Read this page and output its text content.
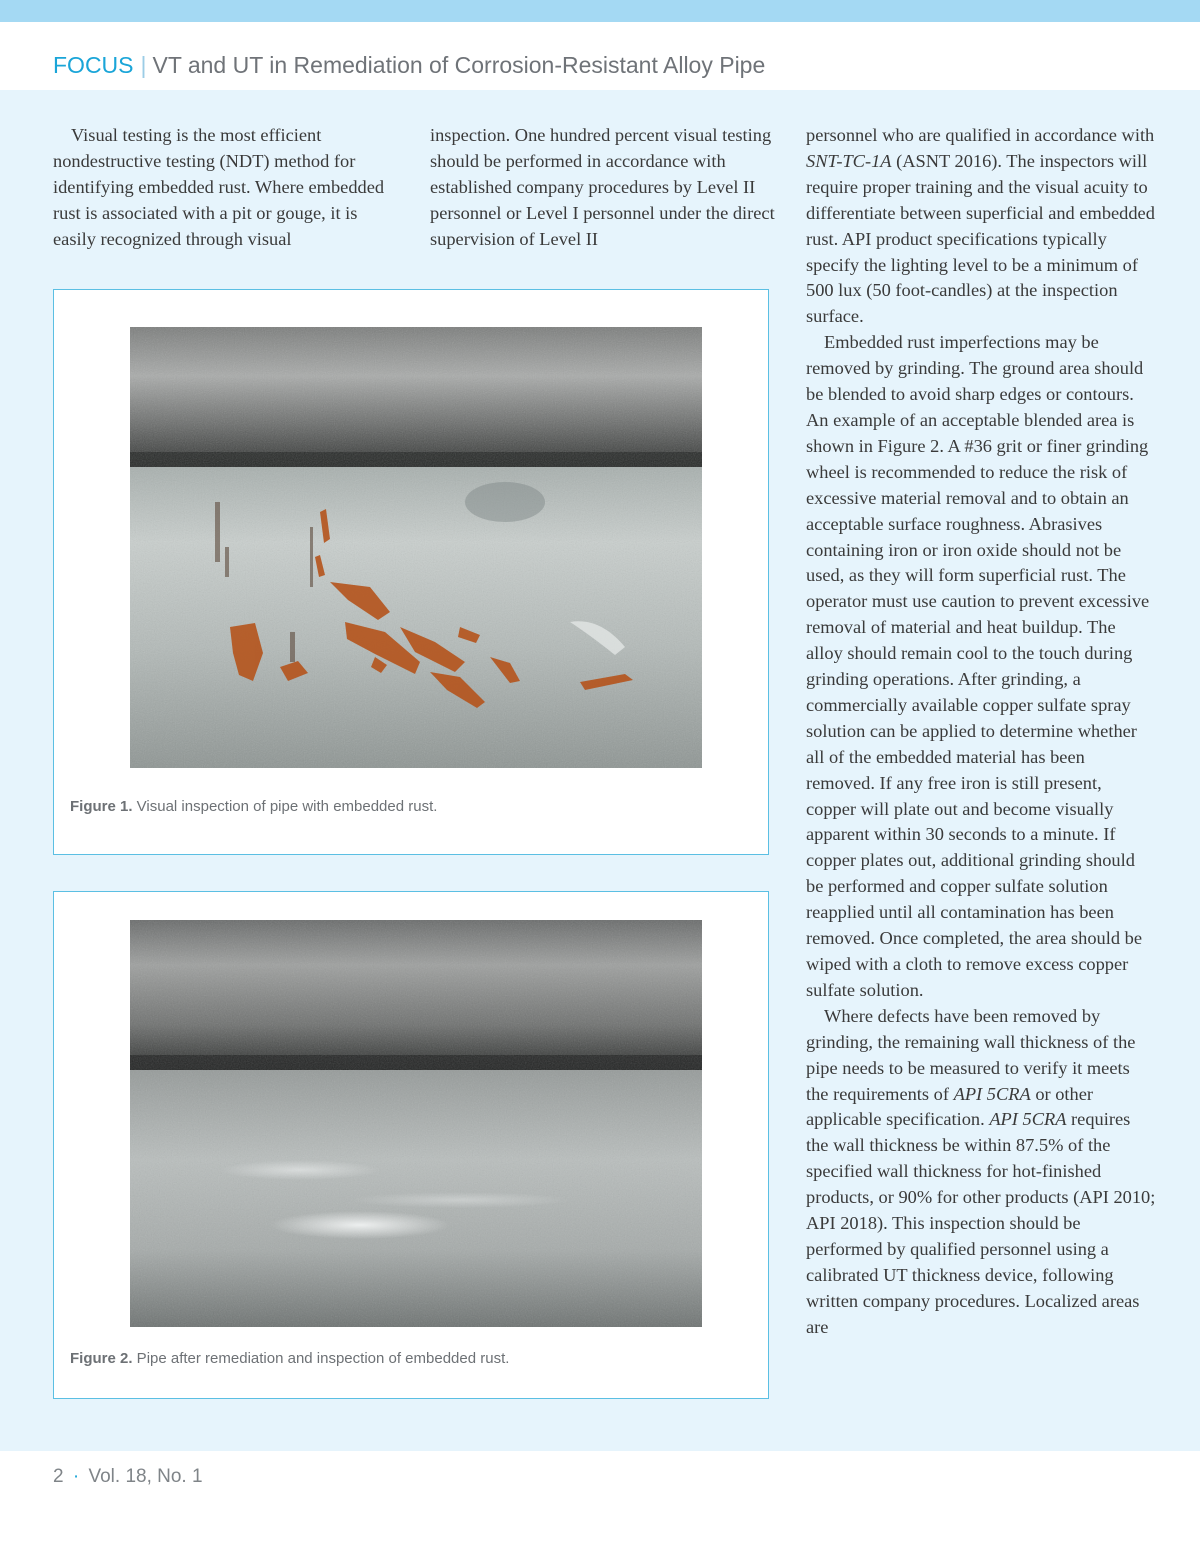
FOCUS | VT and UT in Remediation of Corrosion-Resistant Alloy Pipe

Visual testing is the most efficient nondestructive testing (NDT) method for identifying embedded rust. Where embedded rust is associated with a pit or gouge, it is easily recognized through visual

inspection. One hundred percent visual testing should be performed in accordance with established company procedures by Level II personnel or Level I personnel under the direct supervision of Level II

personnel who are qualified in accordance with SNT-TC-1A (ASNT 2016). The inspectors will require proper training and the visual acuity to differentiate between superficial and embedded rust. API product specifications typically specify the lighting level to be a minimum of 500 lux (50 foot-candles) at the inspection surface.

Embedded rust imperfections may be removed by grinding. The ground area should be blended to avoid sharp edges or contours. An example of an acceptable blended area is shown in Figure 2. A #36 grit or finer grinding wheel is recommended to reduce the risk of excessive material removal and to obtain an acceptable surface roughness. Abrasives containing iron or iron oxide should not be used, as they will form superficial rust. The operator must use caution to prevent excessive removal of material and heat buildup. The alloy should remain cool to the touch during grinding operations. After grinding, a commercially available copper sulfate spray solution can be applied to determine whether all of the embedded material has been removed. If any free iron is still present, copper will plate out and become visually apparent within 30 seconds to a minute. If copper plates out, additional grinding should be performed and copper sulfate solution reapplied until all contamination has been removed. Once completed, the area should be wiped with a cloth to remove excess copper sulfate solution.

Where defects have been removed by grinding, the remaining wall thickness of the pipe needs to be measured to verify it meets the requirements of API 5CRA or other applicable specification. API 5CRA requires the wall thickness be within 87.5% of the specified wall thickness for hot-finished products, or 90% for other products (API 2010; API 2018). This inspection should be performed by qualified personnel using a calibrated UT thickness device, following written company procedures. Localized areas are

Figure 1. Visual inspection of pipe with embedded rust.
Figure 2. Pipe after remediation and inspection of embedded rust.
2 · Vol. 18, No. 1
